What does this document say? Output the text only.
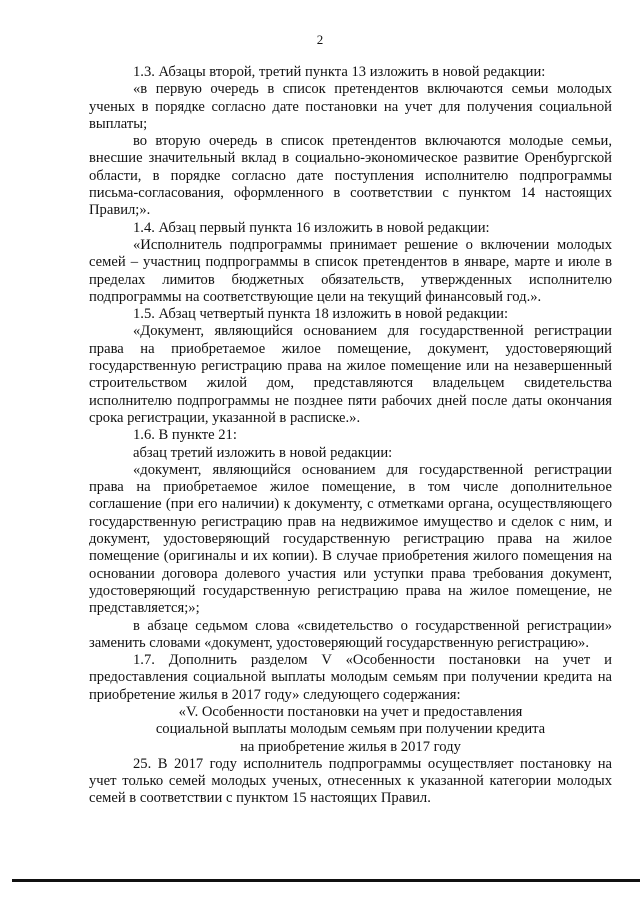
2

1.3. Абзацы второй, третий пункта 13 изложить в новой редакции:

«в первую очередь в список претендентов включаются семьи молодых ученых в порядке согласно дате постановки на учет для получения социальной выплаты;

во вторую очередь в список претендентов включаются молодые семьи, внесшие значительный вклад в социально-экономическое развитие Оренбургской области, в порядке согласно дате поступления исполнителю подпрограммы письма-согласования, оформленного в соответствии с пунктом 14 настоящих Правил;».

1.4. Абзац первый пункта 16 изложить в новой редакции:

«Исполнитель подпрограммы принимает решение о включении молодых семей – участниц подпрограммы в список претендентов в январе, марте и июле в пределах лимитов бюджетных обязательств, утвержденных исполнителю подпрограммы на соответствующие цели на текущий финансовый год.».

1.5. Абзац четвертый пункта 18 изложить в новой редакции:

«Документ, являющийся основанием для государственной регистрации права на приобретаемое жилое помещение, документ, удостоверяющий государственную регистрацию права на жилое помещение или на незавершенный строительством жилой дом, представляются владельцем свидетельства исполнителю подпрограммы не позднее пяти рабочих дней после даты окончания срока регистрации, указанной в расписке.».

1.6. В пункте 21:

абзац третий изложить в новой редакции:

«документ, являющийся основанием для государственной регистрации права на приобретаемое жилое помещение, в том числе дополнительное соглашение (при его наличии) к документу, с отметками органа, осуществляющего государственную регистрацию прав на недвижимое имущество и сделок с ним, и документ, удостоверяющий государственную регистрацию права на жилое помещение (оригиналы и их копии). В случае приобретения жилого помещения на основании договора долевого участия или уступки права требования документ, удостоверяющий государственную регистрацию права на жилое помещение, не представляется;»;

в абзаце седьмом слова «свидетельство о государственной регистрации» заменить словами «документ, удостоверяющий государственную регистрацию».

1.7. Дополнить разделом V «Особенности постановки на учет и предоставления социальной выплаты молодым семьям при получении кредита на приобретение жилья в 2017 году» следующего содержания:

«V. Особенности постановки на учет и предоставления

социальной выплаты молодым семьям при получении кредита

на приобретение жилья в 2017 году

25. В 2017 году исполнитель подпрограммы осуществляет постановку на учет только семей молодых ученых, отнесенных к указанной категории молодых семей в соответствии с пунктом 15 настоящих Правил.
